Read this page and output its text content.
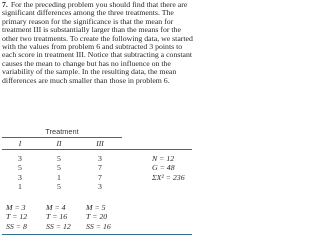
7. For the preceding problem you should find that there are significant differences among the three treatments. The primary reason for the significance is that the mean for treatment III is substantially larger than the means for the other two treatments. To create the following data, we started with the values from problem 6 and subtracted 3 points to each score in treatment III. Notice that subtracting a constant causes the mean to change but has no influence on the variability of the sample. In the resulting data, the mean differences are much smaller than those in problem 6.
Treatment
I	II	III
3
5
3
1
5
5
1
5
3
7
7
3
M = 3
T = 12
SS = 8
M = 4
T = 16
SS = 12
M = 5
T = 20
SS = 16
N = 12
G = 48
ΣX² = 236
